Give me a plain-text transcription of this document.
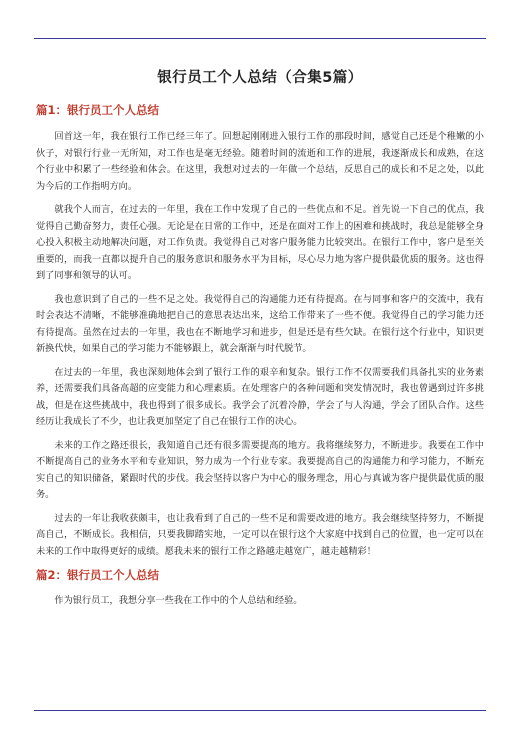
银行员工个人总结（合集5篇）
篇1：银行员工个人总结

回首这一年，我在银行工作已经三年了。回想起刚刚进入银行工作的那段时间，感觉自己还是个稚嫩的小伙子，对银行行业一无所知，对工作也是毫无经验。随着时间的流逝和工作的进展，我逐渐成长和成熟，在这个行业中积累了一些经验和体会。在这里，我想对过去的一年做一个总结，反思自己的成长和不足之处，以此为今后的工作指明方向。

就我个人而言，在过去的一年里，我在工作中发现了自己的一些优点和不足。首先说一下自己的优点，我觉得自己勤奋努力，责任心强。无论是在日常的工作中，还是在面对工作上的困难和挑战时，我总是能够全身心投入积极主动地解决问题，对工作负责。我觉得自己对客户服务能力比较突出。在银行工作中，客户是至关重要的，而我一直都以提升自己的服务意识和服务水平为目标，尽心尽力地为客户提供最优质的服务。这也得到了同事和领导的认可。

我也意识到了自己的一些不足之处。我觉得自己的沟通能力还有待提高。在与同事和客户的交流中，我有时会表达不清晰，不能够准确地把自己的意思表达出来，这给工作带来了一些不便。我觉得自己的学习能力还有待提高。虽然在过去的一年里，我也在不断地学习和进步，但是还是有些欠缺。在银行这个行业中，知识更新换代快，如果自己的学习能力不能够跟上，就会渐渐与时代脱节。

在过去的一年里，我也深刻地体会到了银行工作的艰辛和复杂。银行工作不仅需要我们具备扎实的业务素养，还需要我们具备高超的应变能力和心理素质。在处理客户的各种问题和突发情况时，我也曾遇到过许多挑战，但是在这些挑战中，我也得到了很多成长。我学会了沉着冷静，学会了与人沟通，学会了团队合作。这些经历让我成长了不少，也让我更加坚定了自己在银行工作的决心。

未来的工作之路还很长，我知道自己还有很多需要提高的地方。我将继续努力，不断进步。我要在工作中不断提高自己的业务水平和专业知识，努力成为一个行业专家。我要提高自己的沟通能力和学习能力，不断充实自己的知识储备，紧跟时代的步伐。我会坚持以客户为中心的服务理念，用心与真诚为客户提供最优质的服务。

过去的一年让我收获颇丰，也让我看到了自己的一些不足和需要改进的地方。我会继续坚持努力，不断提高自己，不断成长。我相信，只要我脚踏实地，一定可以在银行这个大家庭中找到自己的位置，也一定可以在未来的工作中取得更好的成绩。愿我未来的银行工作之路越走越宽广，越走越精彩！

篇2：银行员工个人总结

作为银行员工，我想分享一些我在工作中的个人总结和经验。
